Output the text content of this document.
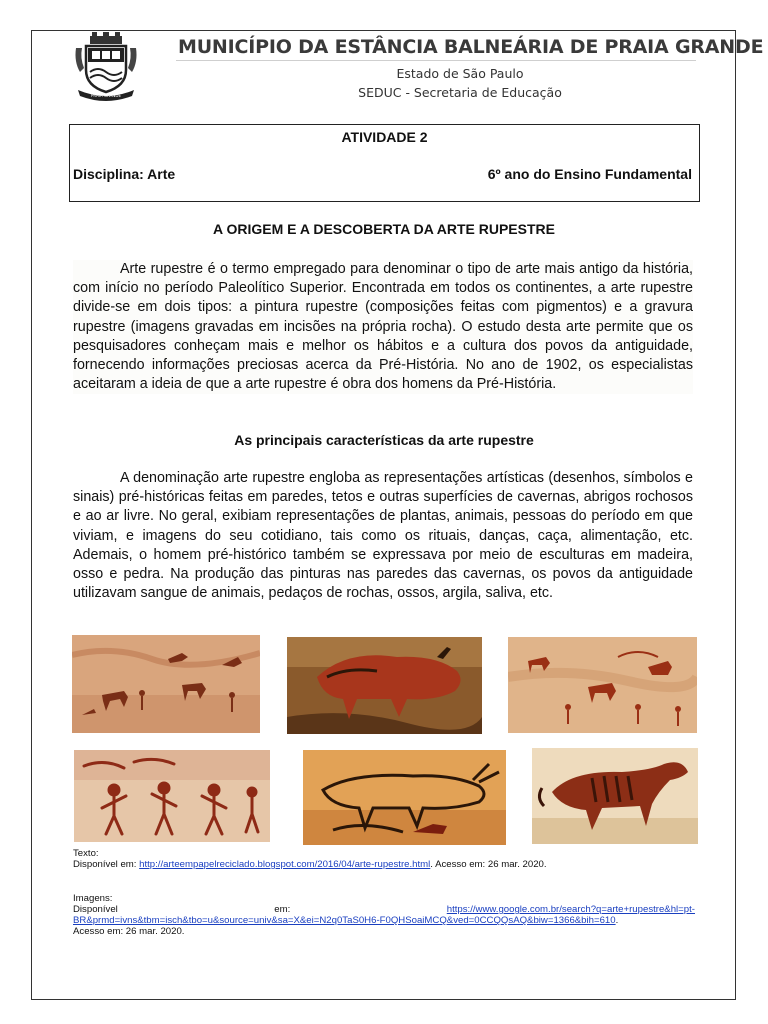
PRAIA GRANDE
MUNICÍPIO DA ESTÂNCIA BALNEÁRIA DE PRAIA GRANDE
Estado de São Paulo
SEDUC - Secretaria de Educação
ATIVIDADE 2
Disciplina: Arte	6º ano do Ensino Fundamental
A ORIGEM E A DESCOBERTA DA ARTE RUPESTRE
Arte rupestre é o termo empregado para denominar o tipo de arte mais antigo da história, com início no período Paleolítico Superior. Encontrada em todos os continentes, a arte rupestre divide-se em dois tipos: a pintura rupestre (composições feitas com pigmentos) e a gravura rupestre (imagens gravadas em incisões na própria rocha). O estudo desta arte permite que os pesquisadores conheçam mais e melhor os hábitos e a cultura dos povos da antiguidade, fornecendo informações preciosas acerca da Pré-História. No ano de 1902, os especialistas aceitaram a ideia de que a arte rupestre é obra dos homens da Pré-História.
As principais características da arte rupestre
A denominação arte rupestre engloba as representações artísticas (desenhos, símbolos e sinais) pré-históricas feitas em paredes, tetos e outras superfícies de cavernas, abrigos rochosos e ao ar livre. No geral, exibiam representações de plantas, animais, pessoas do período em que viviam, e imagens do seu cotidiano, tais como os rituais, danças, caça, alimentação, etc. Ademais, o homem pré-histórico também se expressava por meio de esculturas em madeira, osso e pedra. Na produção das pinturas nas paredes das cavernas, os povos da antiguidade utilizavam sangue de animais, pedaços de rochas, ossos, argila, saliva, etc.
Texto:
Disponível em: http://arteempapelreciclado.blogspot.com/2016/04/arte-rupestre.html. Acesso em: 26 mar. 2020.
Imagens:
Disponível	em:	https://www.google.com.br/search?q=arte+rupestre&hl=pt-
BR&prmd=ivns&tbm=isch&tbo=u&source=univ&sa=X&ei=N2q0TaS0H6-F0QHSoaiMCQ&ved=0CCQQsAQ&biw=1366&bih=610.
Acesso em: 26 mar. 2020.
